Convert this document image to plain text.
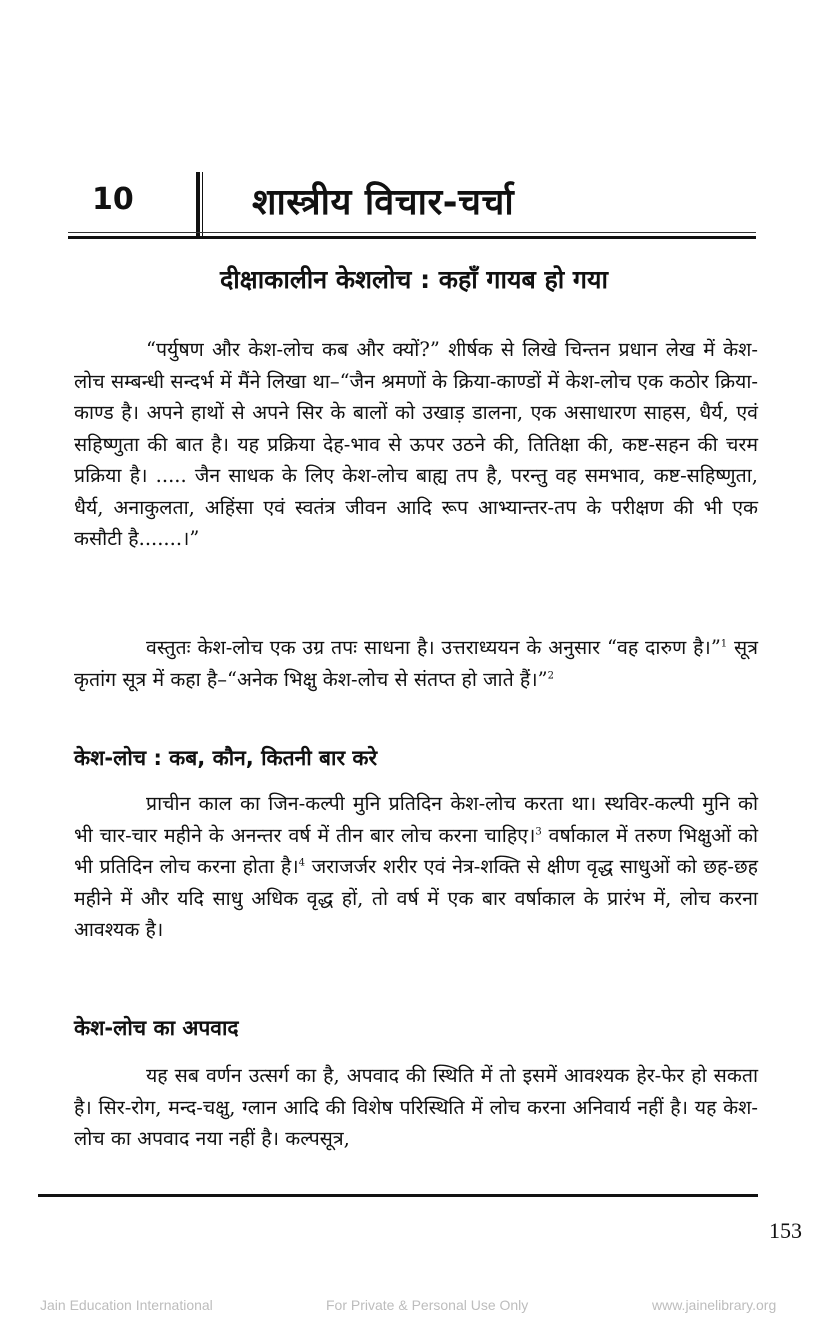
10	शास्त्रीय विचार-चर्चा
दीक्षाकालीन केशलोच : कहाँ गायब हो गया
“पर्युषण और केश-लोच कब और क्यों?” शीर्षक से लिखे चिन्तन प्रधान लेख में केश-लोच सम्बन्धी सन्दर्भ में मैंने लिखा था–“जैन श्रमणों के क्रिया-काण्डों में केश-लोच एक कठोर क्रिया-काण्ड है। अपने हाथों से अपने सिर के बालों को उखाड़ डालना, एक असाधारण साहस, धैर्य, एवं सहिष्णुता की बात है। यह प्रक्रिया देह-भाव से ऊपर उठने की, तितिक्षा की, कष्ट-सहन की चरम प्रक्रिया है। ..... जैन साधक के लिए केश-लोच बाह्य तप है, परन्तु वह समभाव, कष्ट-सहिष्णुता, धैर्य, अनाकुलता, अहिंसा एवं स्वतंत्र जीवन आदि रूप आभ्यान्तर-तप के परीक्षण की भी एक कसौटी है.......।”
वस्तुतः केश-लोच एक उग्र तपः साधना है। उत्तराध्ययन के अनुसार “वह दारुण है।”$^1$ सूत्र कृतांग सूत्र में कहा है–“अनेक भिक्षु केश-लोच से संतप्त हो जाते हैं।”$^2$
केश-लोच : कब, कौन, कितनी बार करे
प्राचीन काल का जिन-कल्पी मुनि प्रतिदिन केश-लोच करता था। स्थविर-कल्पी मुनि को भी चार-चार महीने के अनन्तर वर्ष में तीन बार लोच करना चाहिए।$^3$ वर्षाकाल में तरुण भिक्षुओं को भी प्रतिदिन लोच करना होता है।$^4$ जराजर्जर शरीर एवं नेत्र-शक्ति से क्षीण वृद्ध साधुओं को छह-छह महीने में और यदि साधु अधिक वृद्ध हों, तो वर्ष में एक बार वर्षाकाल के प्रारंभ में, लोच करना आवश्यक है।
केश-लोच का अपवाद
यह सब वर्णन उत्सर्ग का है, अपवाद की स्थिति में तो इसमें आवश्यक हेर-फेर हो सकता है। सिर-रोग, मन्द-चक्षु, ग्लान आदि की विशेष परिस्थिति में लोच करना अनिवार्य नहीं है। यह केश-लोच का अपवाद नया नहीं है। कल्पसूत्र,
153
Jain Education International	For Private & Personal Use Only	www.jainelibrary.org
